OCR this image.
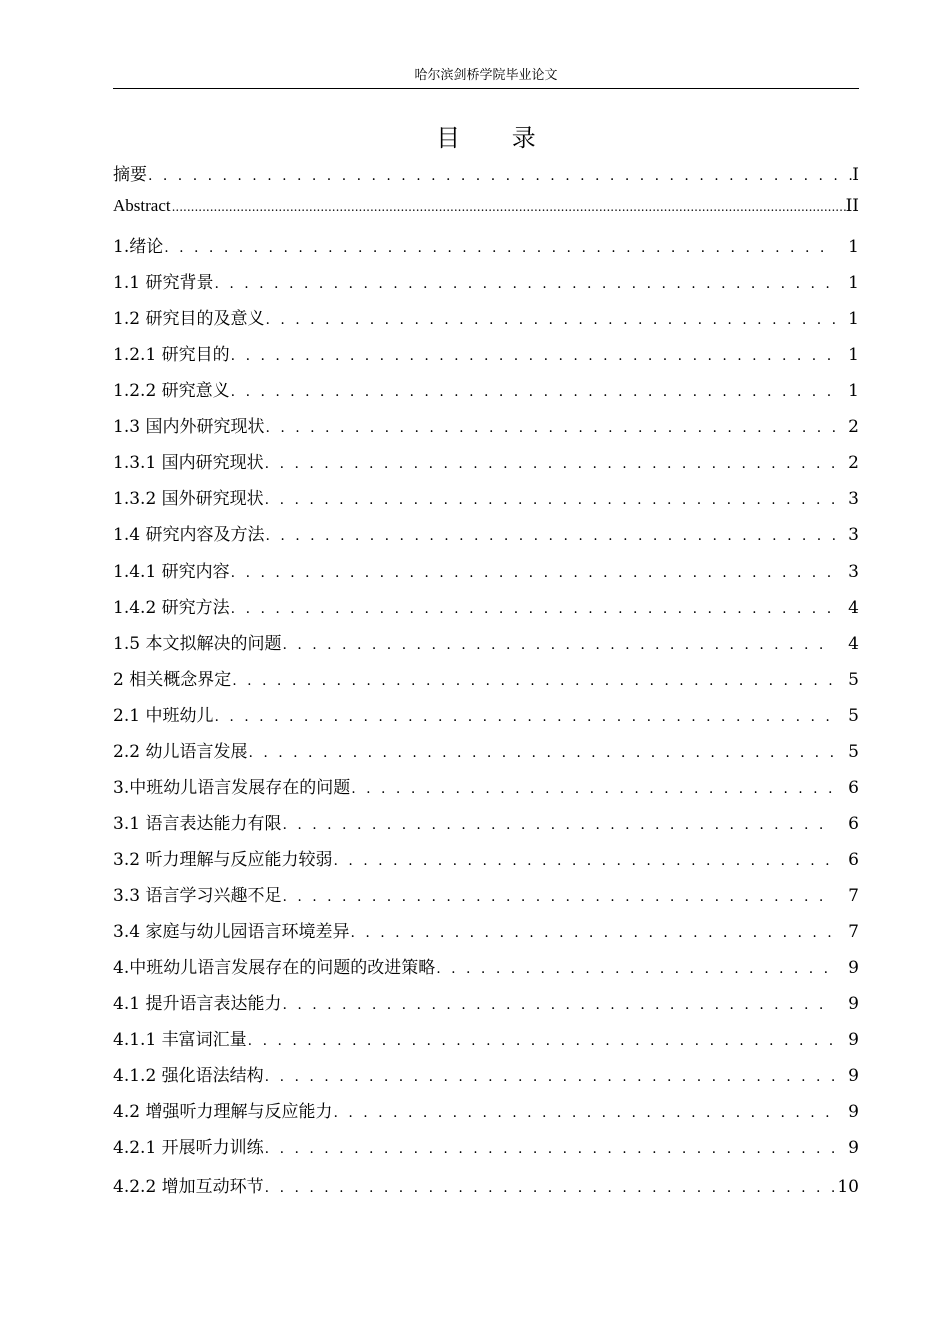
哈尔滨剑桥学院毕业论文
目 录
摘要 . . .	I
Abstract .....	II
1.绪论 . . .	1
1.1 研究背景 . . .	1
1.2 研究目的及意义 . . .	1
1.2.1 研究目的 . . .	1
1.2.2 研究意义 . . .	1
1.3 国内外研究现状 . . .	2
1.3.1 国内研究现状 . . .	2
1.3.2 国外研究现状 . . .	3
1.4 研究内容及方法 . . .	3
1.4.1 研究内容 . . .	3
1.4.2 研究方法 . . .	4
1.5 本文拟解决的问题 . . .	4
2 相关概念界定 . . .	5
2.1 中班幼儿 . . .	5
2.2 幼儿语言发展 . . .	5
3.中班幼儿语言发展存在的问题 . . .	6
3.1 语言表达能力有限 . . .	6
3.2 听力理解与反应能力较弱 . . .	6
3.3 语言学习兴趣不足 . . .	7
3.4 家庭与幼儿园语言环境差异 . . .	7
4.中班幼儿语言发展存在的问题的改进策略 . . .	9
4.1 提升语言表达能力 . . .	9
4.1.1 丰富词汇量 . . .	9
4.1.2 强化语法结构 . . .	9
4.2 增强听力理解与反应能力 . . .	9
4.2.1 开展听力训练 . . .	9
4.2.2 增加互动环节 . . .	10
